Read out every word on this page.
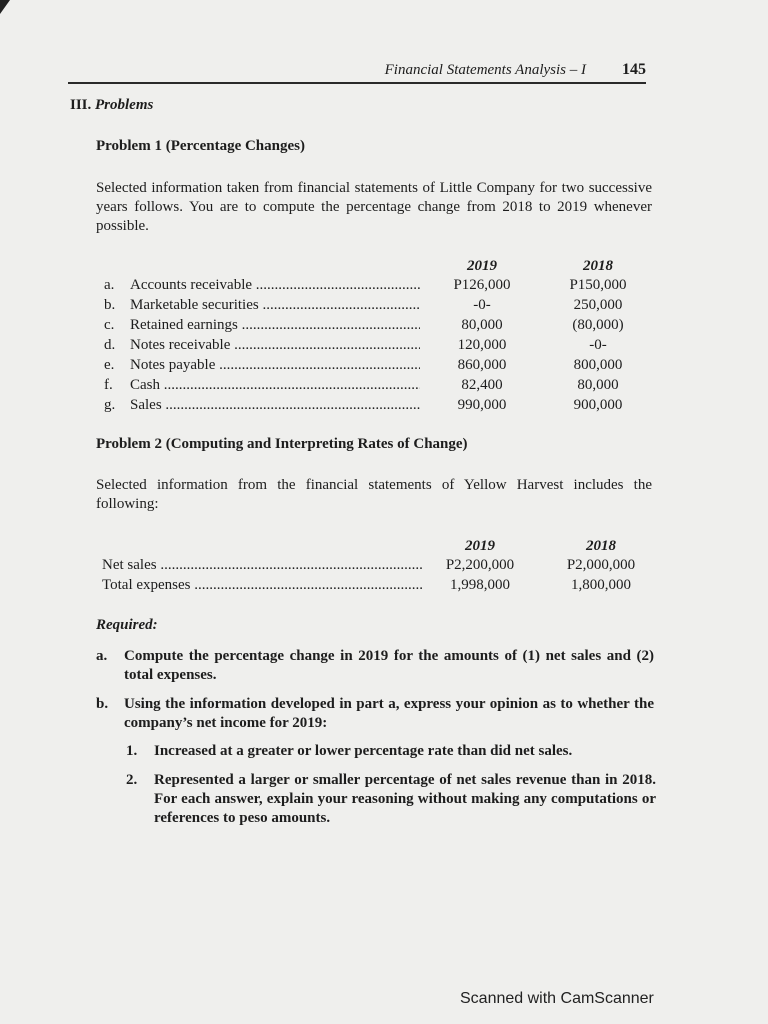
Financial Statements Analysis – I 145
III. Problems
Problem 1 (Percentage Changes)
Selected information taken from financial statements of Little Company for two successive years follows. You are to compute the percentage change from 2018 to 2019 whenever possible.
2019	2018
a. Accounts receivable .....	P126,000	P150,000
b. Marketable securities .....	-0-	250,000
c. Retained earnings .....	80,000	(80,000)
d. Notes receivable .....	120,000	-0-
e. Notes payable .....	860,000	800,000
f. Cash .....	82,400	80,000
g. Sales .....	990,000	900,000
Problem 2 (Computing and Interpreting Rates of Change)
Selected information from the financial statements of Yellow Harvest includes the following:
2019	2018
Net sales .....	P2,200,000	P2,000,000
Total expenses .....	1,998,000	1,800,000
Required:
a. Compute the percentage change in 2019 for the amounts of (1) net sales and (2) total expenses.
b. Using the information developed in part a, express your opinion as to whether the company’s net income for 2019:
1. Increased at a greater or lower percentage rate than did net sales.
2. Represented a larger or smaller percentage of net sales revenue than in 2018. For each answer, explain your reasoning without making any computations or references to peso amounts.
Scanned with CamScanner
